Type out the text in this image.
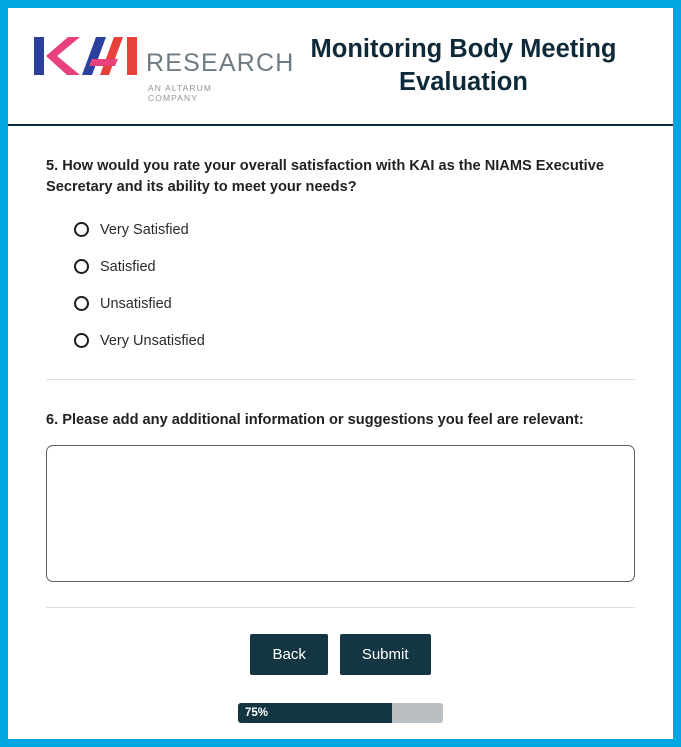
RESEARCH
AN ALTARUM COMPANY
Monitoring Body Meeting Evaluation

5. How would you rate your overall satisfaction with KAI as the NIAMS Executive Secretary and its ability to meet your needs?

Very Satisfied
Satisfied
Unsatisfied
Very Unsatisfied

6. Please add any additional information or suggestions you feel are relevant:

Back	Submit
75%
